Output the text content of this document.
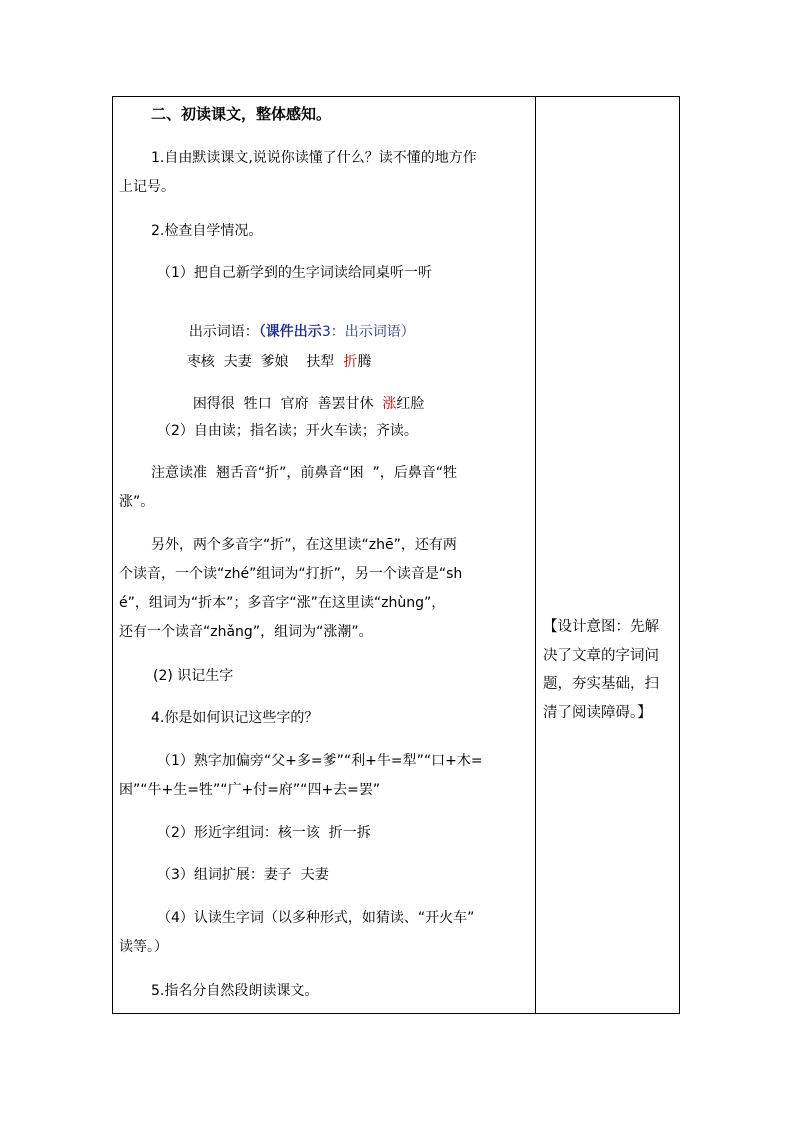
二、初读课文，整体感知。
1.自由默读课文,说说你读懂了什么？读不懂的地方作
上记号。
2.检查自学情况。
（1）把自己新学到的生字词读给同桌听一听

出示词语：（课件出示3：出示词语）

枣核  夫妻  爹娘    扶犁  折腾

困得很  牲口  官府  善罢甘休  涨红脸

（2）自由读；指名读；开火车读；齐读。
注意读准  翘舌音“折”，前鼻音“困  ”，后鼻音“牲
涨”。
另外，两个多音字“折”，在这里读“zhē”，还有两
个读音，一个读“zhé”组词为“打折”，另一个读音是“sh
é”，组词为“折本”；多音字“涨”在这里读“zhùng”，
还有一个读音“zhǎng”，组词为“涨潮”。
(2) 识记生字
4.你是如何识记这些字的？
（1）熟字加偏旁“父+多=爹”“利+牛=犁”“口+木=
困”“牛+生=牲”“广+付=府”“四+去=罢”
（2）形近字组词：核一该  折一拆
（3）组词扩展：妻子  夫妻
（4）认读生字词（以多种形式，如猜读、“开火车”
读等。）
5.指名分自然段朗读课文。
【设计意图：先解
决了文章的字词问
题，夯实基础，扫
清了阅读障碍。】
